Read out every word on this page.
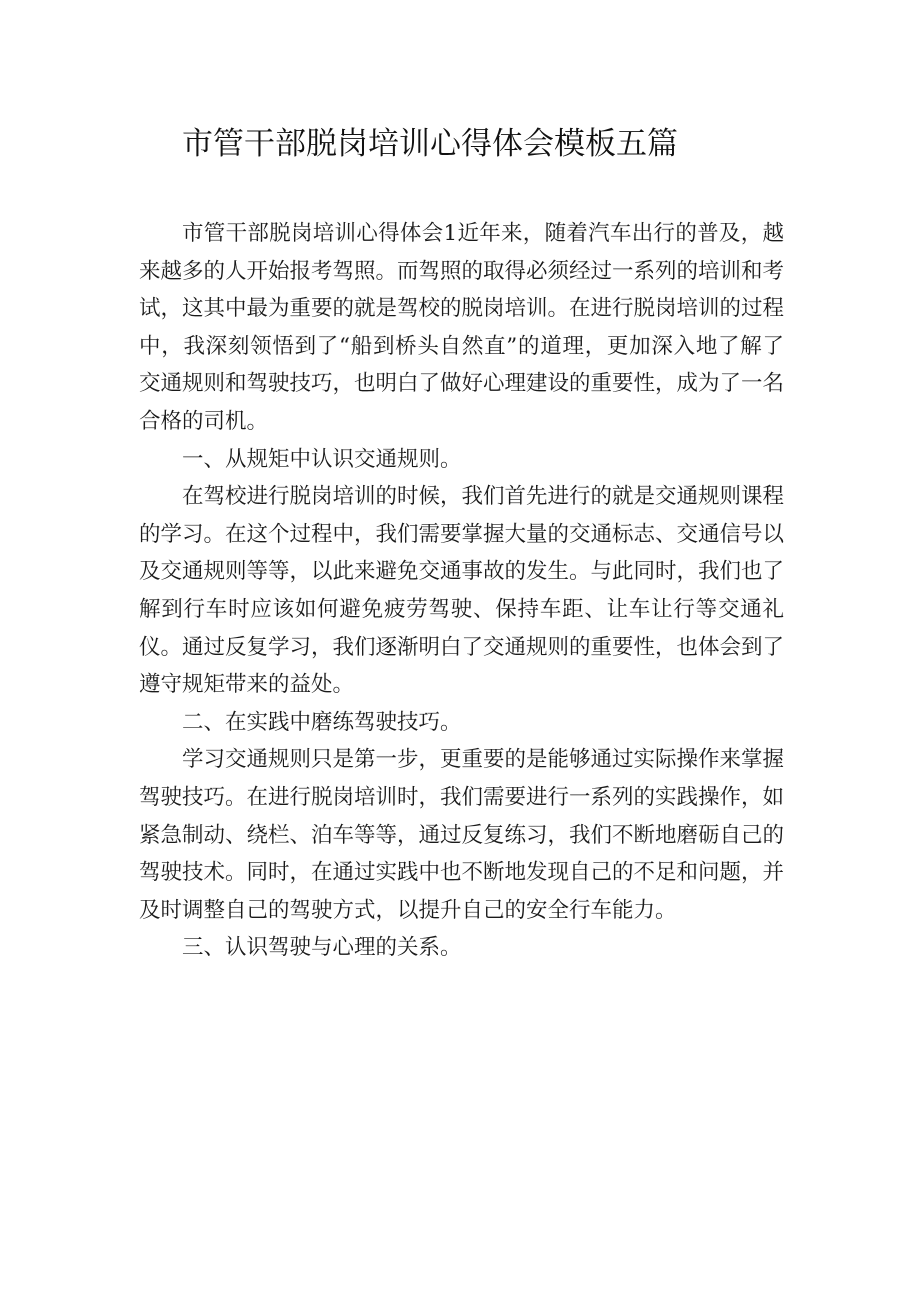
市管干部脱岗培训心得体会模板五篇

市管干部脱岗培训心得体会1近年来，随着汽车出行的普及，越来越多的人开始报考驾照。而驾照的取得必须经过一系列的培训和考试，这其中最为重要的就是驾校的脱岗培训。在进行脱岗培训的过程中，我深刻领悟到了“船到桥头自然直”的道理，更加深入地了解了交通规则和驾驶技巧，也明白了做好心理建设的重要性，成为了一名合格的司机。

一、从规矩中认识交通规则。

在驾校进行脱岗培训的时候，我们首先进行的就是交通规则课程的学习。在这个过程中，我们需要掌握大量的交通标志、交通信号以及交通规则等等，以此来避免交通事故的发生。与此同时，我们也了解到行车时应该如何避免疲劳驾驶、保持车距、让车让行等交通礼仪。通过反复学习，我们逐渐明白了交通规则的重要性，也体会到了遵守规矩带来的益处。

二、在实践中磨练驾驶技巧。

学习交通规则只是第一步，更重要的是能够通过实际操作来掌握驾驶技巧。在进行脱岗培训时，我们需要进行一系列的实践操作，如紧急制动、绕栏、泊车等等，通过反复练习，我们不断地磨砺自己的驾驶技术。同时，在通过实践中也不断地发现自己的不足和问题，并及时调整自己的驾驶方式，以提升自己的安全行车能力。

三、认识驾驶与心理的关系。
